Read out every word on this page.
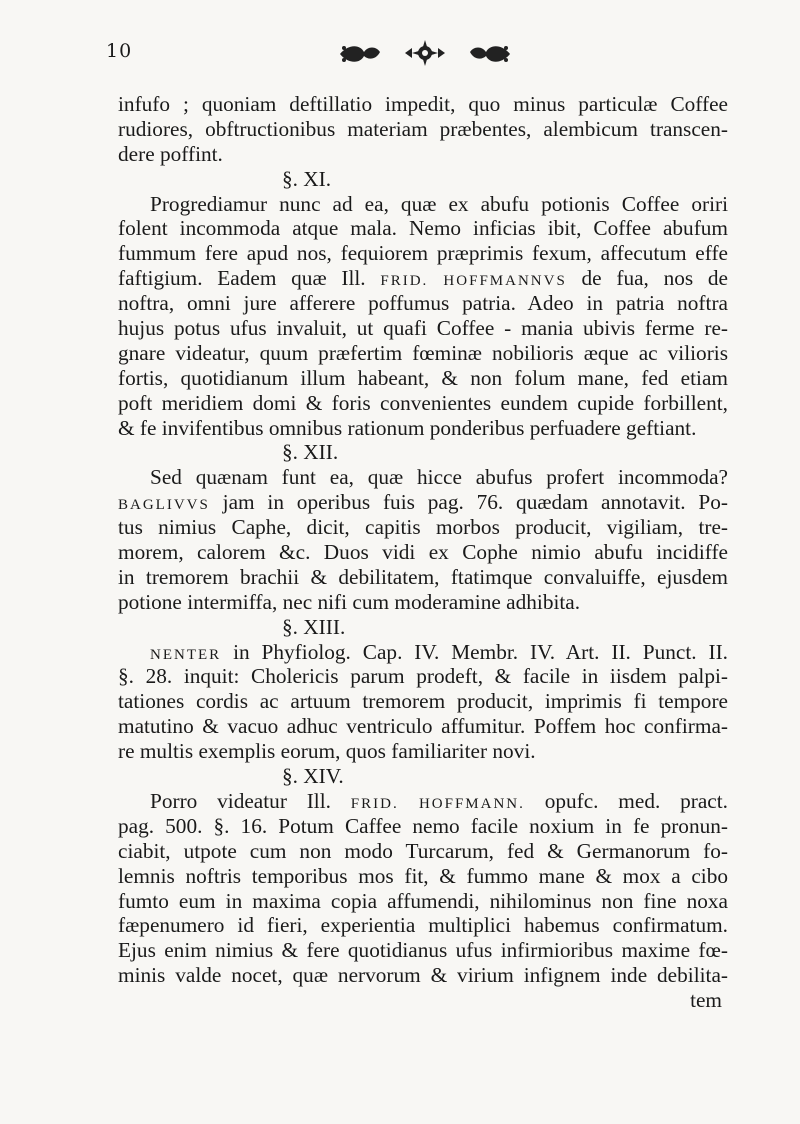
10
infufo ; quoniam deftillatio impedit, quo minus particulæ Coffee
rudiores, obftructionibus materiam præbentes, alembicum transcen-
dere poffint.
§. XI.
Progrediamur nunc ad ea, quæ ex abufu potionis Coffee oriri
folent incommoda atque mala. Nemo inficias ibit, Coffee abufum
fummum fere apud nos, fequiorem præprimis fexum, affecutum effe
faftigium. Eadem quæ Ill. FRID. HOFFMANNVS de fua, nos de
noftra, omni jure afferere poffumus patria. Adeo in patria noftra
hujus potus ufus invaluit, ut quafi Coffee - mania ubivis ferme re-
gnare videatur, quum præfertim fœminæ nobilioris æque ac vilioris
fortis, quotidianum illum habeant, & non folum mane, fed etiam
poft meridiem domi & foris convenientes eundem cupide forbillent,
& fe invifentibus omnibus rationum ponderibus perfuadere geftiant.
§. XII.
Sed quænam funt ea, quæ hicce abufus profert incommoda?
BAGLIVVS jam in operibus fuis pag. 76. quædam annotavit. Po-
tus nimius Caphe, dicit, capitis morbos producit, vigiliam, tre-
morem, calorem &c. Duos vidi ex Cophe nimio abufu incidiffe
in tremorem brachii & debilitatem, ftatimque convaluiffe, ejusdem
potione intermiffa, nec nifi cum moderamine adhibita.
§. XIII.
NENTER in Phyfiolog. Cap. IV. Membr. IV. Art. II. Punct. II.
§. 28. inquit: Cholericis parum prodeft, & facile in iisdem palpi-
tationes cordis ac artuum tremorem producit, imprimis fi tempore
matutino & vacuo adhuc ventriculo affumitur. Poffem hoc confirma-
re multis exemplis eorum, quos familiariter novi.
§. XIV.
Porro videatur Ill. FRID. HOFFMANN. opufc. med. pract.
pag. 500. §. 16. Potum Caffee nemo facile noxium in fe pronun-
ciabit, utpote cum non modo Turcarum, fed & Germanorum fo-
lemnis noftris temporibus mos fit, & fummo mane & mox a cibo
fumto eum in maxima copia affumendi, nihilominus non fine noxa
fæpenumero id fieri, experientia multiplici habemus confirmatum.
Ejus enim nimius & fere quotidianus ufus infirmioribus maxime fœ-
minis valde nocet, quæ nervorum & virium infignem inde debilita-
tem
